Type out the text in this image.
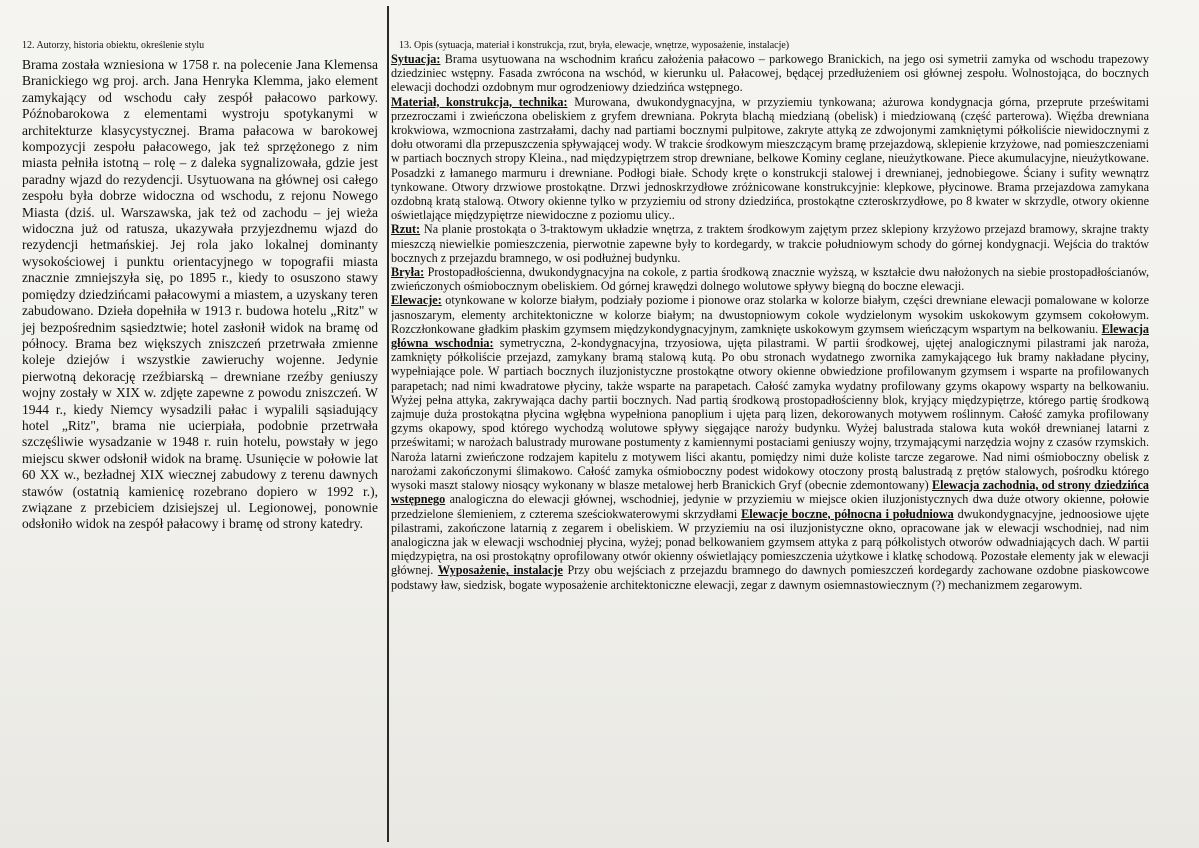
12. Autorzy, historia obiektu, określenie stylu

Brama została wzniesiona w 1758 r. na polecenie Jana Klemensa Branickiego wg proj. arch. Jana Henryka Klemma, jako element zamykający od wschodu cały zespół pałacowo parkowy. Późnobarokowa z elementami wystroju spotykanymi w architekturze klasycystycznej. Brama pałacowa w barokowej kompozycji zespołu pałacowego, jak też sprzężonego z nim miasta pełniła istotną – rolę – z daleka sygnalizowała, gdzie jest paradny wjazd do rezydencji. Usytuowana na głównej osi całego zespołu była dobrze widoczna od wschodu, z rejonu Nowego Miasta (dziś. ul. Warszawska, jak też od zachodu – jej wieża widoczna już od ratusza, ukazywała przyjezdnemu wjazd do rezydencji hetmańskiej. Jej rola jako lokalnej dominanty wysokościowej i punktu orientacyjnego w topografii miasta znacznie zmniejszyła się, po 1895 r., kiedy to osuszono stawy pomiędzy dziedzińcami pałacowymi a miastem, a uzyskany teren zabudowano. Dzieła dopełniła w 1913 r. budowa hotelu „Ritz" w jej bezpośrednim sąsiedztwie; hotel zasłonił widok na bramę od północy. Brama bez większych zniszczeń przetrwała zmienne koleje dziejów i wszystkie zawieruchy wojenne. Jedynie pierwotną dekorację rzeźbiarską – drewniane rzeźby geniuszy wojny zostały w XIX w. zdjęte zapewne z powodu zniszczeń. W 1944 r., kiedy Niemcy wysadzili pałac i wypalili sąsiadujący hotel „Ritz", brama nie ucierpiała, podobnie przetrwała szczęśliwie wysadzanie w 1948 r. ruin hotelu, powstały w jego miejscu skwer odsłonił widok na bramę. Usunięcie w połowie lat 60 XX w., bezładnej XIX wiecznej zabudowy z terenu dawnych stawów (ostatnią kamienicę rozebrano dopiero w 1992 r.), związane z przebiciem dzisiejszej ul. Legionowej, ponownie odsłoniło widok na zespół pałacowy i bramę od strony katedry.

13. Opis (sytuacja, materiał i konstrukcja, rzut, bryła, elewacje, wnętrze, wyposażenie, instalacje)

Sytuacja: Brama usytuowana na wschodnim krańcu założenia pałacowo – parkowego Branickich, na jego osi symetrii zamyka od wschodu trapezowy dziedziniec wstępny. Fasada zwrócona na wschód, w kierunku ul. Pałacowej, będącej przedłużeniem osi głównej zespołu. Wolnostojąca, do bocznych elewacji dochodzi ozdobnym mur ogrodzeniowy dziedzińca wstępnego.

Materiał, konstrukcja, technika: Murowana, dwukondygnacyjna, w przyziemiu tynkowana; ażurowa kondygnacja górna, przeprute prześwitami przezroczami i zwieńczona obeliskiem z gryfem drewniana. Pokryta blachą miedzianą (obelisk) i miedziowaną (część parterowa). Więźba drewniana krokwiowa, wzmocniona zastrzałami, dachy nad partiami bocznymi pulpitowe, zakryte attyką ze zdwojonymi zamkniętymi półkoliście niewidocznymi z dołu otworami dla przepuszczenia spływającej wody. W trakcie środkowym mieszczącym bramę przejazdową, sklepienie krzyżowe, nad pomieszczeniami w partiach bocznych stropy Kleina., nad międzypiętrzem strop drewniane, belkowe Kominy ceglane, nieużytkowane. Piece akumulacyjne, nieużytkowane. Posadzki z łamanego marmuru i drewniane. Podłogi białe. Schody kręte o konstrukcji stalowej i drewnianej, jednobiegowe. Ściany i sufity wewnątrz tynkowane. Otwory drzwiowe prostokątne. Drzwi jednoskrzydłowe zróżnicowane konstrukcyjnie: klepkowe, płycinowe. Brama przejazdowa zamykana ozdobną kratą stalową. Otwory okienne tylko w przyziemiu od strony dziedzińca, prostokątne czteroskrzydłowe, po 8 kwater w skrzydle, otwory okienne oświetlające międzypiętrze niewidoczne z poziomu ulicy..

Rzut: Na planie prostokąta o 3-traktowym układzie wnętrza, z traktem środkowym zajętym przez sklepiony krzyżowo przejazd bramowy, skrajne trakty mieszczą niewielkie pomieszczenia, pierwotnie zapewne były to kordegardy, w trakcie południowym schody do górnej kondygnacji. Wejścia do traktów bocznych z przejazdu bramnego, w osi podłużnej budynku.

Bryła: Prostopadłościenna, dwukondygnacyjna na cokole, z partia środkową znacznie wyższą, w kształcie dwu nałożonych na siebie prostopadłościanów, zwieńczonych ośmiobocznym obeliskiem. Od górnej krawędzi dolnego wolutowe spływy biegną do boczne elewacji.

Elewacje: otynkowane w kolorze białym, podziały poziome i pionowe oraz stolarka w kolorze białym, części drewniane elewacji pomalowane w kolorze jasnoszarym, elementy architektoniczne w kolorze białym; na dwustopniowym cokole wydzielonym wysokim uskokowym gzymsem cokołowym. Rozczłonkowane gładkim płaskim gzymsem międzykondygnacyjnym, zamknięte uskokowym gzymsem wieńczącym wspartym na belkowaniu. Elewacja główna wschodnia: symetryczna, 2-kondygnacyjna, trzyosiowa, ujęta pilastrami. W partii środkowej, ujętej analogicznymi pilastrami jak naroża, zamknięty półkoliście przejazd, zamykany bramą stalową kutą. Po obu stronach wydatnego zwornika zamykającego łuk bramy nakładane płyciny, wypełniające pole. W partiach bocznych iluzjonistyczne prostokątne otwory okienne obwiedzione profilowanym gzymsem i wsparte na profilowanych parapetach; nad nimi kwadratowe płyciny, także wsparte na parapetach. Całość zamyka wydatny profilowany gzyms okapowy wsparty na belkowaniu. Wyżej pełna attyka, zakrywająca dachy partii bocznych. Nad partią środkową prostopadłościenny blok, kryjący międzypiętrze, którego partię środkową zajmuje duża prostokątna płycina wgłębna wypełniona panoplium i ujęta parą lizen, dekorowanych motywem roślinnym. Całość zamyka profilowany gzyms okapowy, spod którego wychodzą wolutowe spływy sięgające naroży budynku. Wyżej balustrada stalowa kuta wokół drewnianej latarni z prześwitami; w narożach balustrady murowane postumenty z kamiennymi postaciami geniuszy wojny, trzymającymi narzędzia wojny z czasów rzymskich. Naroża latarni zwieńczone rodzajem kapitelu z motywem liści akantu, pomiędzy nimi duże koliste tarcze zegarowe. Nad nimi ośmioboczny obelisk z narożami zakończonymi ślimakowo. Całość zamyka ośmioboczny podest widokowy otoczony prostą balustradą z prętów stalowych, pośrodku którego wysoki maszt stalowy niosący wykonany w blasze metalowej herb Branickich Gryf (obecnie zdemontowany) Elewacja zachodnia, od strony dziedzińca wstępnego analogiczna do elewacji głównej, wschodniej, jedynie w przyziemiu w miejsce okien iluzjonistycznych dwa duże otwory okienne, połowie przedzielone ślemieniem, z czterema sześciokwaterowymi skrzydłami Elewacje boczne, północna i południowa dwukondygnacyjne, jednoosiowe ujęte pilastrami, zakończone latarnią z zegarem i obeliskiem. W przyziemiu na osi iluzjonistyczne okno, opracowane jak w elewacji wschodniej, nad nim analogiczna jak w elewacji wschodniej płycina, wyżej; ponad belkowaniem gzymsem attyka z parą półkolistych otworów odwadniających dach. W partii międzypiętra, na osi prostokątny oprofilowany otwór okienny oświetlający pomieszczenia użytkowe i klatkę schodową. Pozostałe elementy jak w elewacji głównej. Wyposażenie, instalacje Przy obu wejściach z przejazdu bramnego do dawnych pomieszczeń kordegardy zachowane ozdobne piaskowcowe podstawy ław, siedzisk, bogate wyposażenie architektoniczne elewacji, zegar z dawnym osiemnastowiecznym (?) mechanizmem zegarowym.
